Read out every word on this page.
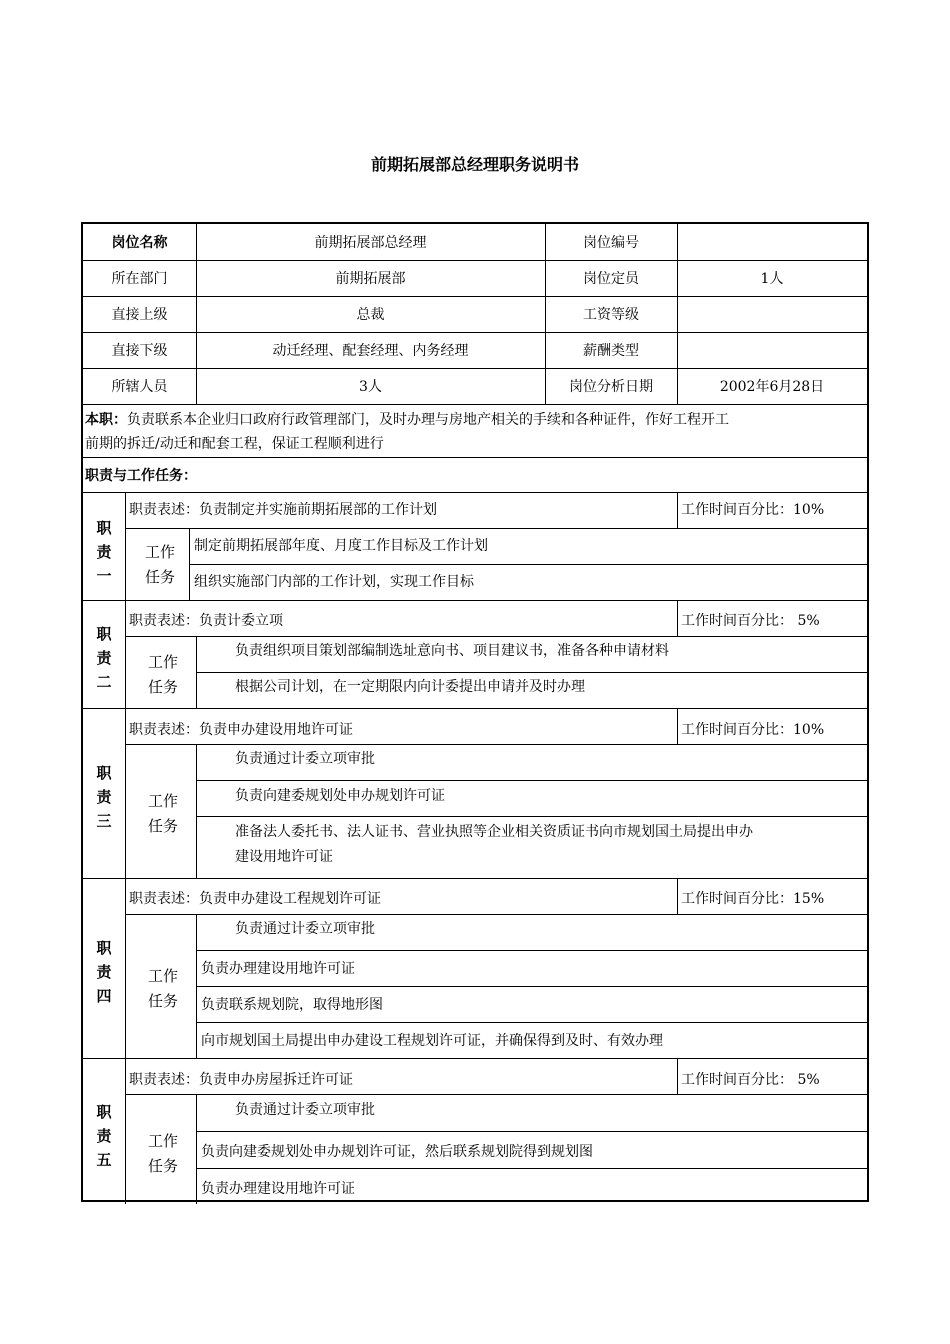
前期拓展部总经理职务说明书
岗位名称	前期拓展部总经理	岗位编号
所在部门	前期拓展部	岗位定员	1人
直接上级	总裁	工资等级
直接下级	动迁经理、配套经理、内务经理	薪酬类型
所辖人员	3人	岗位分析日期	2002年6月28日
本职：负责联系本企业归口政府行政管理部门，及时办理与房地产相关的手续和各种证件，作好工程开工
前期的拆迁/动迁和配套工程，保证工程顺利进行
职责与工作任务：
职
责
一
职责表述：负责制定并实施前期拓展部的工作计划	工作时间百分比：10%
工作
任务
制定前期拓展部年度、月度工作目标及工作计划
组织实施部门内部的工作计划，实现工作目标
职
责
二
职责表述：负责计委立项	工作时间百分比： 5%
工作
任务
负责组织项目策划部编制选址意向书、项目建议书，准备各种申请材料
根据公司计划，在一定期限内向计委提出申请并及时办理
职
责
三
职责表述：负责申办建设用地许可证	工作时间百分比：10%
工作
任务
负责通过计委立项审批
负责向建委规划处申办规划许可证
准备法人委托书、法人证书、营业执照等企业相关资质证书向市规划国土局提出申办
建设用地许可证
职
责
四
职责表述：负责申办建设工程规划许可证	工作时间百分比：15%
工作
任务
负责通过计委立项审批
负责办理建设用地许可证
负责联系规划院，取得地形图
向市规划国土局提出申办建设工程规划许可证，并确保得到及时、有效办理
职
责
五
职责表述：负责申办房屋拆迁许可证	工作时间百分比： 5%
工作
任务
负责通过计委立项审批
负责向建委规划处申办规划许可证，然后联系规划院得到规划图
负责办理建设用地许可证
